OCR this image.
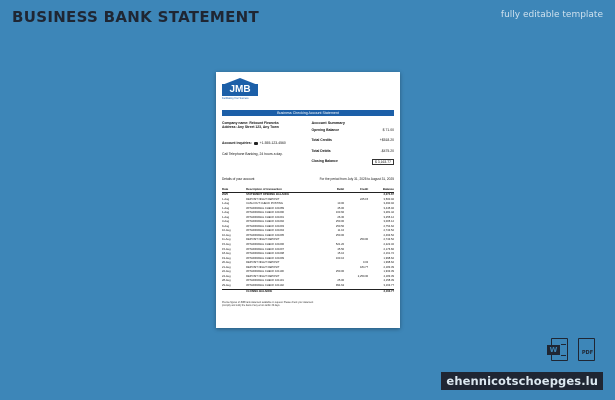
BUSINESS BANK STATEMENT	fully editable template
JMB
Facilitating Your Success
Business Checking Account Statement
Company name: Rebount Fleworks
Address: Any Street 123, Any Town
Account inquiries: +1-555-123-4560
Call Telephone Banking, 24 hours a day.
Account Summary
Opening Balance	$ 71.00
Total Credits	+$518.20
Total Debits	-$475.20
Closing Balance	$ 3,163.77
Details of your account	For the period from July 31, 2025 to August 31, 2025
Date	Description of transaction	Debit	Credit	Balance
2025	STATEMENT OPENING BALANCE			3,274.87
1-Aug	DEPOSIT NIGHT DEPOSIT		225.15	3,500.02
1-Aug	CASH OUT CHECK POSTING	10.00		3,490.02
1-Aug	WITHDRAWAL CHECK 101089	45.00		3,445.02
1-Aug	WITHDRAWAL CHECK 101090	163.60		3,281.42
1-Aug	WITHDRAWAL CHECK 101091	26.30		3,255.12
3-Aug	WITHDRAWAL CHECK 101092	250.00		3,005.12
9-Aug	WITHDRAWAL CHECK 101093	250.50		2,754.62
10-Aug	WITHDRAWAL CHECK 101094	11.10		2,743.52
10-Aug	WITHDRAWAL CHECK 101095	250.00		2,493.52
11-Aug	DEPOSIT NIGHT DEPOSIT		250.00	2,743.52
15-Aug	WITHDRAWAL CHECK 101096	521.20		2,222.32
15-Aug	WITHDRAWAL CHECK 101097	45.50		2,176.82
18-Aug	WITHDRAWAL CHECK 101098	15.10		2,161.72
19-Aug	WITHDRAWAL CHECK 101099	163.10		1,998.62
20-Aug	DEPOSIT NIGHT DEPOSIT		0.00	1,998.62
21-Aug	DEPOSIT NIGHT DEPOSIT		184.77	2,183.39
22-Aug	WITHDRAWAL CHECK 101100	250.00		1,933.39
24-Aug	DEPOSIT NIGHT DEPOSIT		2,250.00	4,183.39
28-Aug	WITHDRAWAL CHECK 101101	25.00		4,158.39
29-Aug	WITHDRAWAL CHECK 101102	994.62		3,163.77
	CLOSING BALANCE			3,163.77
Precise figures of JMB bank statement available on request. Please check your statement promptly and notify the bank of any errors within 30 days.
W	PDF
ehennicotschoepges.lu
